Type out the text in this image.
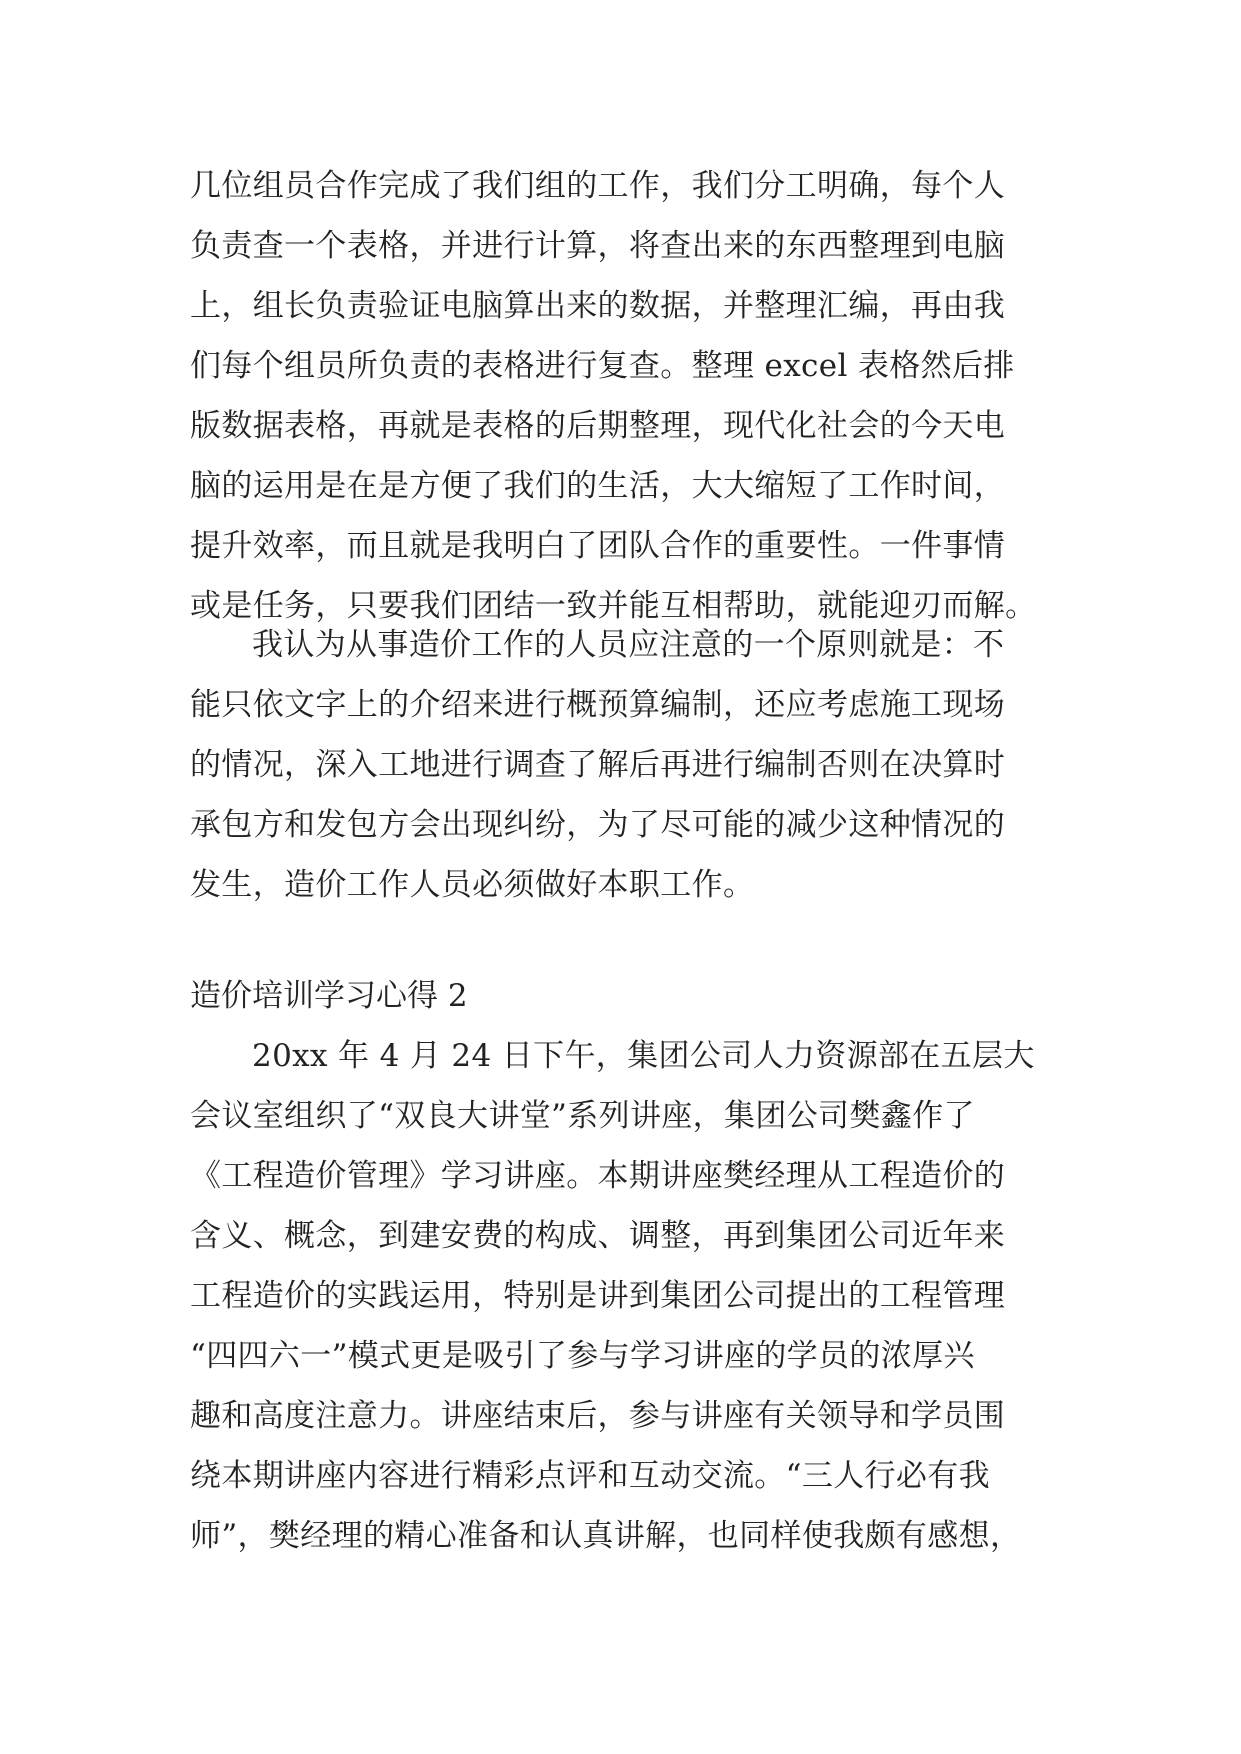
几位组员合作完成了我们组的工作，我们分工明确，每个人
负责查一个表格，并进行计算，将查出来的东西整理到电脑
上，组长负责验证电脑算出来的数据，并整理汇编，再由我
们每个组员所负责的表格进行复查。整理 excel 表格然后排
版数据表格，再就是表格的后期整理，现代化社会的今天电
脑的运用是在是方便了我们的生活，大大缩短了工作时间，
提升效率，而且就是我明白了团队合作的重要性。一件事情
或是任务，只要我们团结一致并能互相帮助，就能迎刃而解。
我认为从事造价工作的人员应注意的一个原则就是：不
能只依文字上的介绍来进行概预算编制，还应考虑施工现场
的情况，深入工地进行调查了解后再进行编制否则在决算时
承包方和发包方会出现纠纷，为了尽可能的减少这种情况的
发生，造价工作人员必须做好本职工作。
造价培训学习心得 2
20xx 年 4 月 24 日下午，集团公司人力资源部在五层大
会议室组织了“双良大讲堂”系列讲座，集团公司樊鑫作了
《工程造价管理》学习讲座。本期讲座樊经理从工程造价的
含义、概念，到建安费的构成、调整，再到集团公司近年来
工程造价的实践运用，特别是讲到集团公司提出的工程管理
“四四六一”模式更是吸引了参与学习讲座的学员的浓厚兴
趣和高度注意力。讲座结束后，参与讲座有关领导和学员围
绕本期讲座内容进行精彩点评和互动交流。“三人行必有我
师”，樊经理的精心准备和认真讲解，也同样使我颇有感想，
